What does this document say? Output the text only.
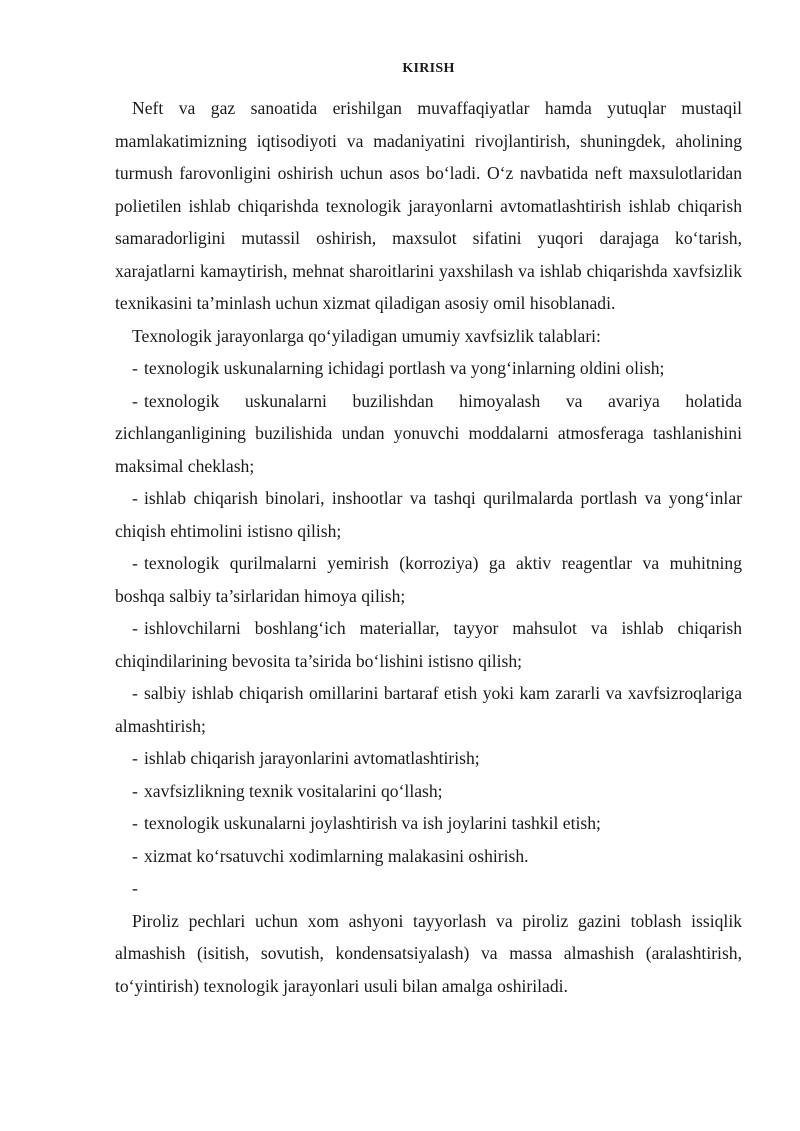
KIRISH

Neft va gaz sanoatida erishilgan muvaffaqiyatlar hamda yutuqlar mustaqil mamlakatimizning iqtisodiyoti va madaniyatini rivojlantirish, shuningdek, aholining turmush farovonligini oshirish uchun asos bo‘ladi. O‘z navbatida neft maxsulotlaridan polietilen ishlab chiqarishda texnologik jarayonlarni avtomatlashtirish ishlab chiqarish samaradorligini mutassil oshirish, maxsulot sifatini yuqori darajaga ko‘tarish, xarajatlarni kamaytirish, mehnat sharoitlarini yaxshilash va ishlab chiqarishda xavfsizlik texnikasini ta’minlash uchun xizmat qiladigan asosiy omil hisoblanadi.

Texnologik jarayonlarga qo‘yiladigan umumiy xavfsizlik talablari:

- texnologik uskunalarning ichidagi portlash va yong‘inlarning oldini olish;

- texnologik uskunalarni buzilishdan himoyalash va avariya holatida zichlanganligining buzilishida undan yonuvchi moddalarni atmosferaga tashlanishini maksimal cheklash;

- ishlab chiqarish binolari, inshootlar va tashqi qurilmalarda portlash va yong‘inlar chiqish ehtimolini istisno qilish;

- texnologik qurilmalarni yemirish (korroziya) ga aktiv reagentlar va muhitning boshqa salbiy ta’sirlaridan himoya qilish;

- ishlovchilarni boshlang‘ich materiallar, tayyor mahsulot va ishlab chiqarish chiqindilarining bevosita ta’sirida bo‘lishini istisno qilish;

- salbiy ishlab chiqarish omillarini bartaraf etish yoki kam zararli va xavfsizroqlariga almashtirish;

- ishlab chiqarish jarayonlarini avtomatlashtirish;

- xavfsizlikning texnik vositalarini qo‘llash;

- texnologik uskunalarni joylashtirish va ish joylarini tashkil etish;

- xizmat ko‘rsatuvchi xodimlarning malakasini oshirish.

-

Piroliz pechlari uchun xom ashyoni tayyorlash va piroliz gazini toblash issiqlik almashish (isitish, sovutish, kondensatsiyalash) va massa almashish (aralashtirish, to‘yintirish) texnologik jarayonlari usuli bilan amalga oshiriladi.
